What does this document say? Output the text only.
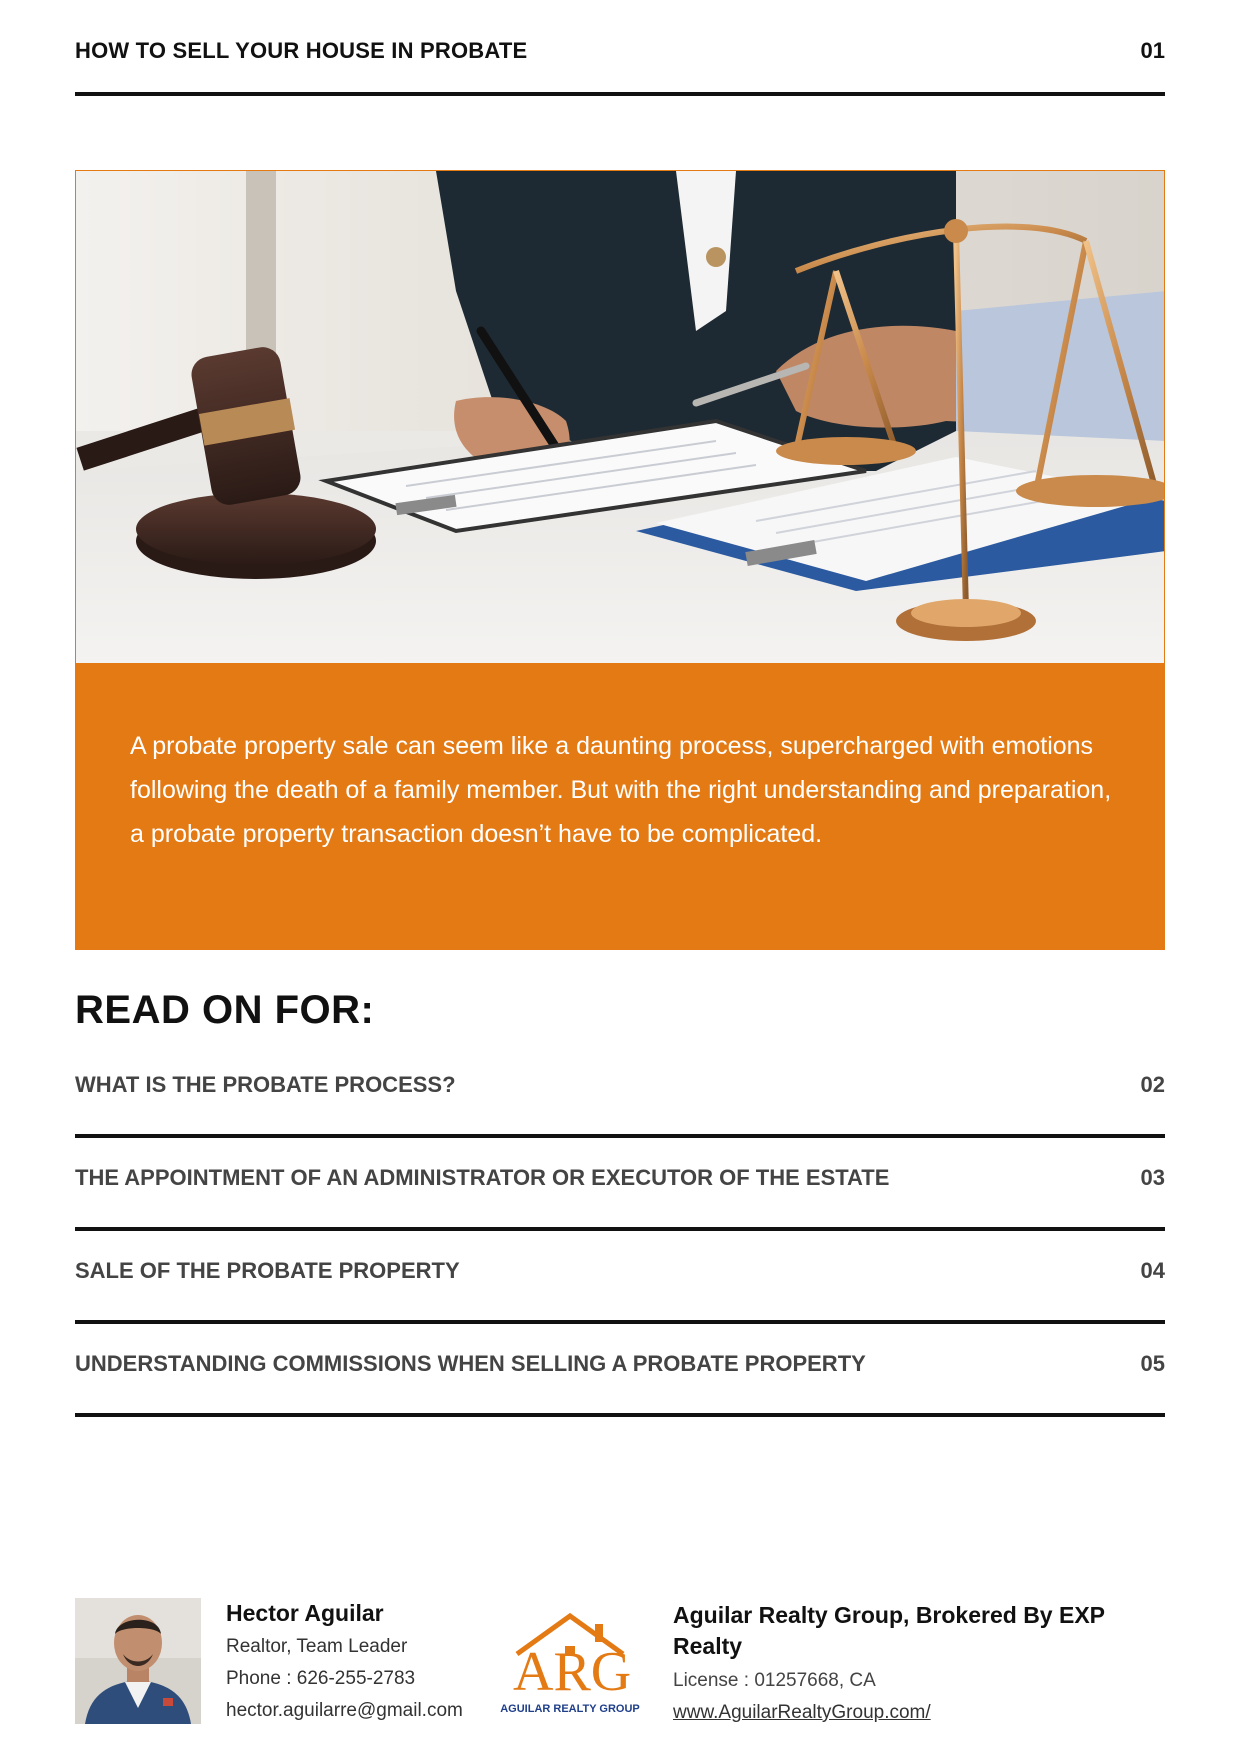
HOW TO SELL YOUR HOUSE IN PROBATE	01

A probate property sale can seem like a daunting process, supercharged with emotions following the death of a family member. But with the right understanding and preparation, a probate property transaction doesn’t have to be complicated.

READ ON FOR:
WHAT IS THE PROBATE PROCESS?	02
THE APPOINTMENT OF AN ADMINISTRATOR OR EXECUTOR OF THE ESTATE	03
SALE OF THE PROBATE PROPERTY	04
UNDERSTANDING COMMISSIONS WHEN SELLING A PROBATE PROPERTY	05
Hector Aguilar
Realtor, Team Leader
Phone : 626-255-2783
hector.aguilarre@gmail.com
ARG
AGUILAR REALTY GROUP
Aguilar Realty Group, Brokered By EXP Realty
License : 01257668, CA
www.AguilarRealtyGroup.com/
